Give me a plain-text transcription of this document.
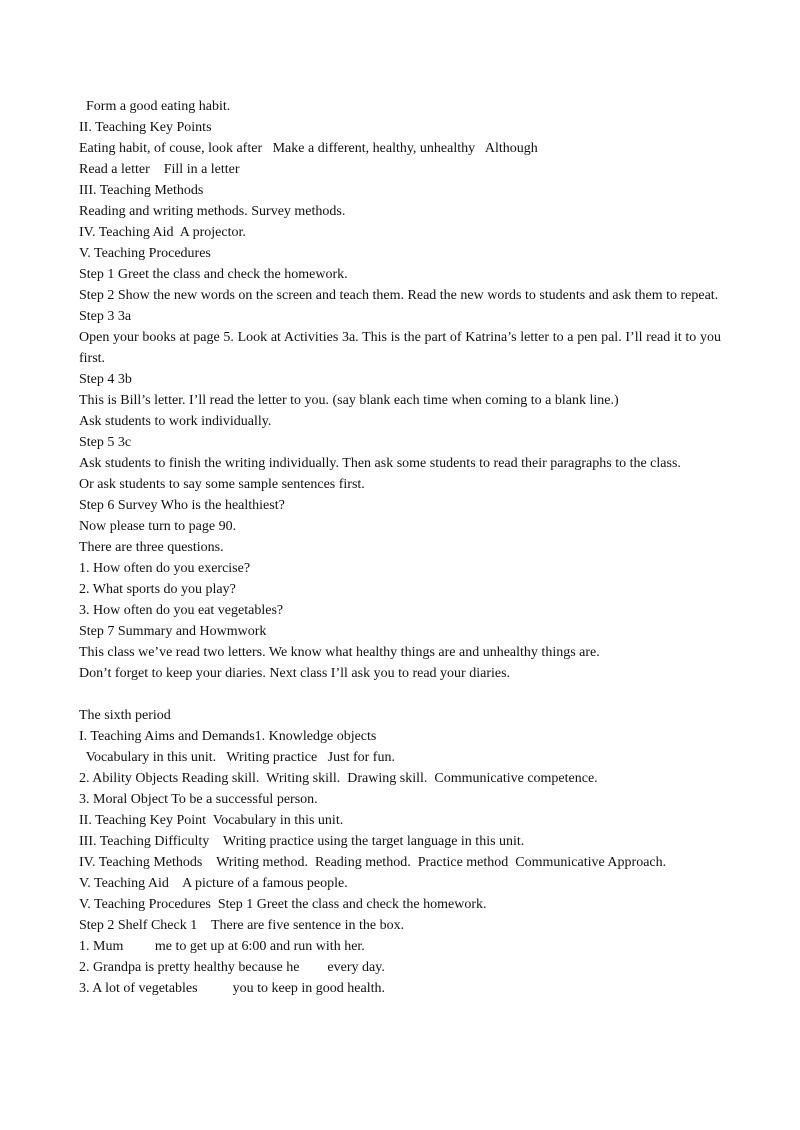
Form a good eating habit.
II. Teaching Key Points
Eating habit, of couse, look after   Make a different, healthy, unhealthy   Although
Read a letter    Fill in a letter
III. Teaching Methods
Reading and writing methods. Survey methods.
IV. Teaching Aid  A projector.
V. Teaching Procedures
Step 1 Greet the class and check the homework.
Step 2 Show the new words on the screen and teach them. Read the new words to students and ask them to repeat.
Step 3 3a
Open your books at page 5. Look at Activities 3a. This is the part of Katrina’s letter to a pen pal. I’ll read it to you first.
Step 4 3b
This is Bill’s letter. I’ll read the letter to you. (say blank each time when coming to a blank line.)
Ask students to work individually.
Step 5 3c
Ask students to finish the writing individually. Then ask some students to read their paragraphs to the class.
Or ask students to say some sample sentences first.
Step 6 Survey Who is the healthiest?
Now please turn to page 90.
There are three questions.
1. How often do you exercise?
2. What sports do you play?
3. How often do you eat vegetables?
Step 7 Summary and Howmwork
This class we’ve read two letters. We know what healthy things are and unhealthy things are.
Don’t forget to keep your diaries. Next class I’ll ask you to read your diaries.
The sixth period
I. Teaching Aims and Demands1. Knowledge objects
Vocabulary in this unit.   Writing practice   Just for fun.
2. Ability Objects Reading skill.  Writing skill.  Drawing skill.  Communicative competence.
3. Moral Object To be a successful person.
II. Teaching Key Point  Vocabulary in this unit.
III. Teaching Difficulty    Writing practice using the target language in this unit.
IV. Teaching Methods    Writing method.  Reading method.  Practice method  Communicative Approach.
V. Teaching Aid    A picture of a famous people.
V. Teaching Procedures  Step 1 Greet the class and check the homework.
Step 2 Shelf Check 1    There are five sentence in the box.
1. Mum         me to get up at 6:00 and run with her.
2. Grandpa is pretty healthy because he        every day.
3. A lot of vegetables          you to keep in good health.
